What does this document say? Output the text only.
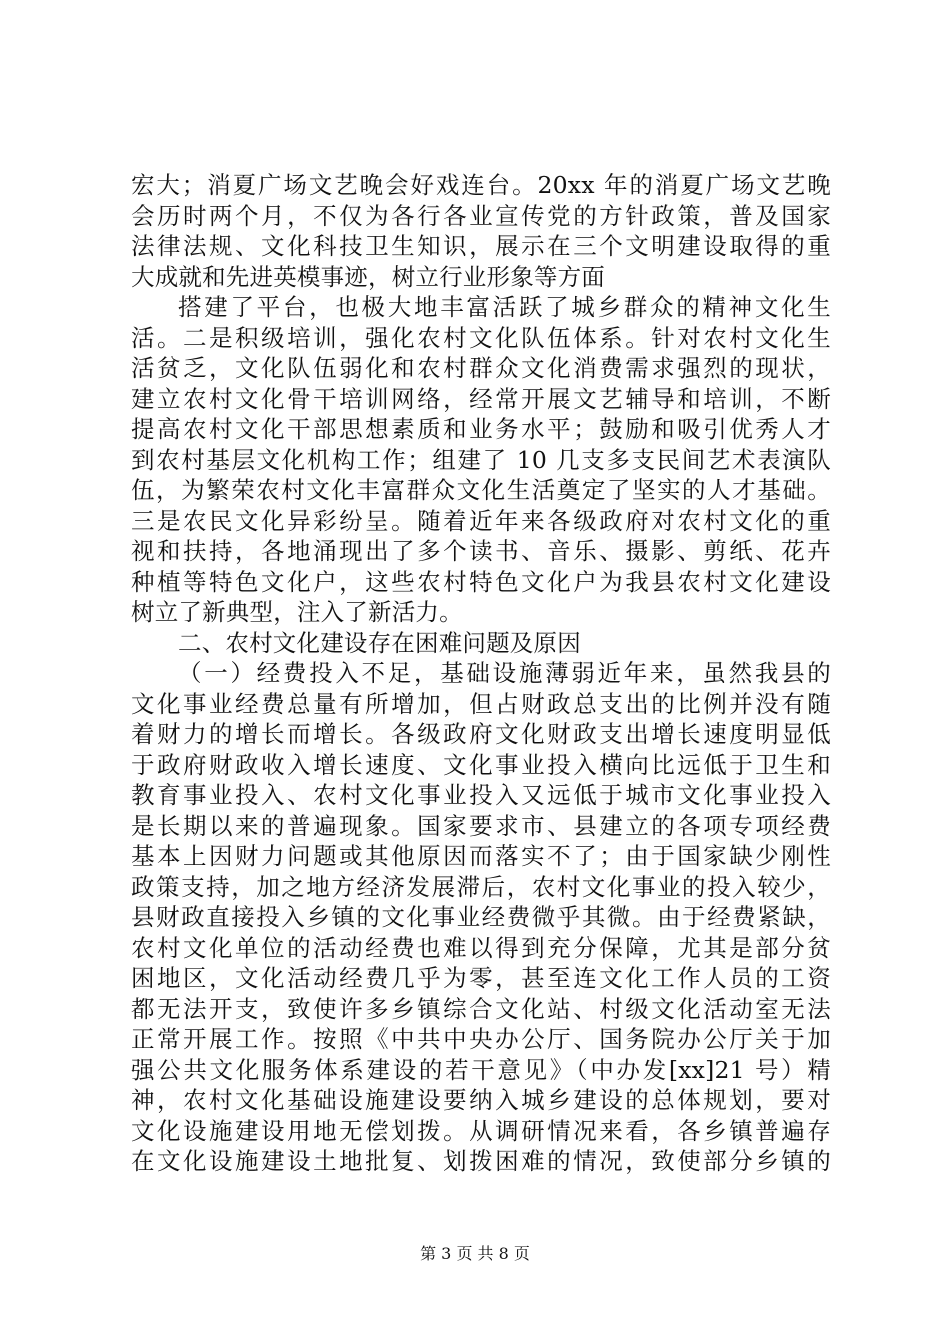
宏大；消夏广场文艺晚会好戏连台。20xx 年的消夏广场文艺晚
会历时两个月，不仅为各行各业宣传党的方针政策，普及国家
法律法规、文化科技卫生知识，展示在三个文明建设取得的重
大成就和先进英模事迹，树立行业形象等方面
搭建了平台，也极大地丰富活跃了城乡群众的精神文化生
活。二是积级培训，强化农村文化队伍体系。针对农村文化生
活贫乏，文化队伍弱化和农村群众文化消费需求强烈的现状，
建立农村文化骨干培训网络，经常开展文艺辅导和培训，不断
提高农村文化干部思想素质和业务水平；鼓励和吸引优秀人才
到农村基层文化机构工作；组建了 10 几支多支民间艺术表演队
伍，为繁荣农村文化丰富群众文化生活奠定了坚实的人才基础。
三是农民文化异彩纷呈。随着近年来各级政府对农村文化的重
视和扶持，各地涌现出了多个读书、音乐、摄影、剪纸、花卉
种植等特色文化户，这些农村特色文化户为我县农村文化建设
树立了新典型，注入了新活力。
二、农村文化建设存在困难问题及原因
（一）经费投入不足，基础设施薄弱近年来，虽然我县的
文化事业经费总量有所增加，但占财政总支出的比例并没有随
着财力的增长而增长。各级政府文化财政支出增长速度明显低
于政府财政收入增长速度、文化事业投入横向比远低于卫生和
教育事业投入、农村文化事业投入又远低于城市文化事业投入
是长期以来的普遍现象。国家要求市、县建立的各项专项经费
基本上因财力问题或其他原因而落实不了；由于国家缺少刚性
政策支持，加之地方经济发展滞后，农村文化事业的投入较少，
县财政直接投入乡镇的文化事业经费微乎其微。由于经费紧缺，
农村文化单位的活动经费也难以得到充分保障，尤其是部分贫
困地区，文化活动经费几乎为零，甚至连文化工作人员的工资
都无法开支，致使许多乡镇综合文化站、村级文化活动室无法
正常开展工作。按照《中共中央办公厅、国务院办公厅关于加
强公共文化服务体系建设的若干意见》（中办发[xx]21 号）精
神，农村文化基础设施建设要纳入城乡建设的总体规划，要对
文化设施建设用地无偿划拨。从调研情况来看，各乡镇普遍存
在文化设施建设土地批复、划拨困难的情况，致使部分乡镇的
第 3 页 共 8 页
